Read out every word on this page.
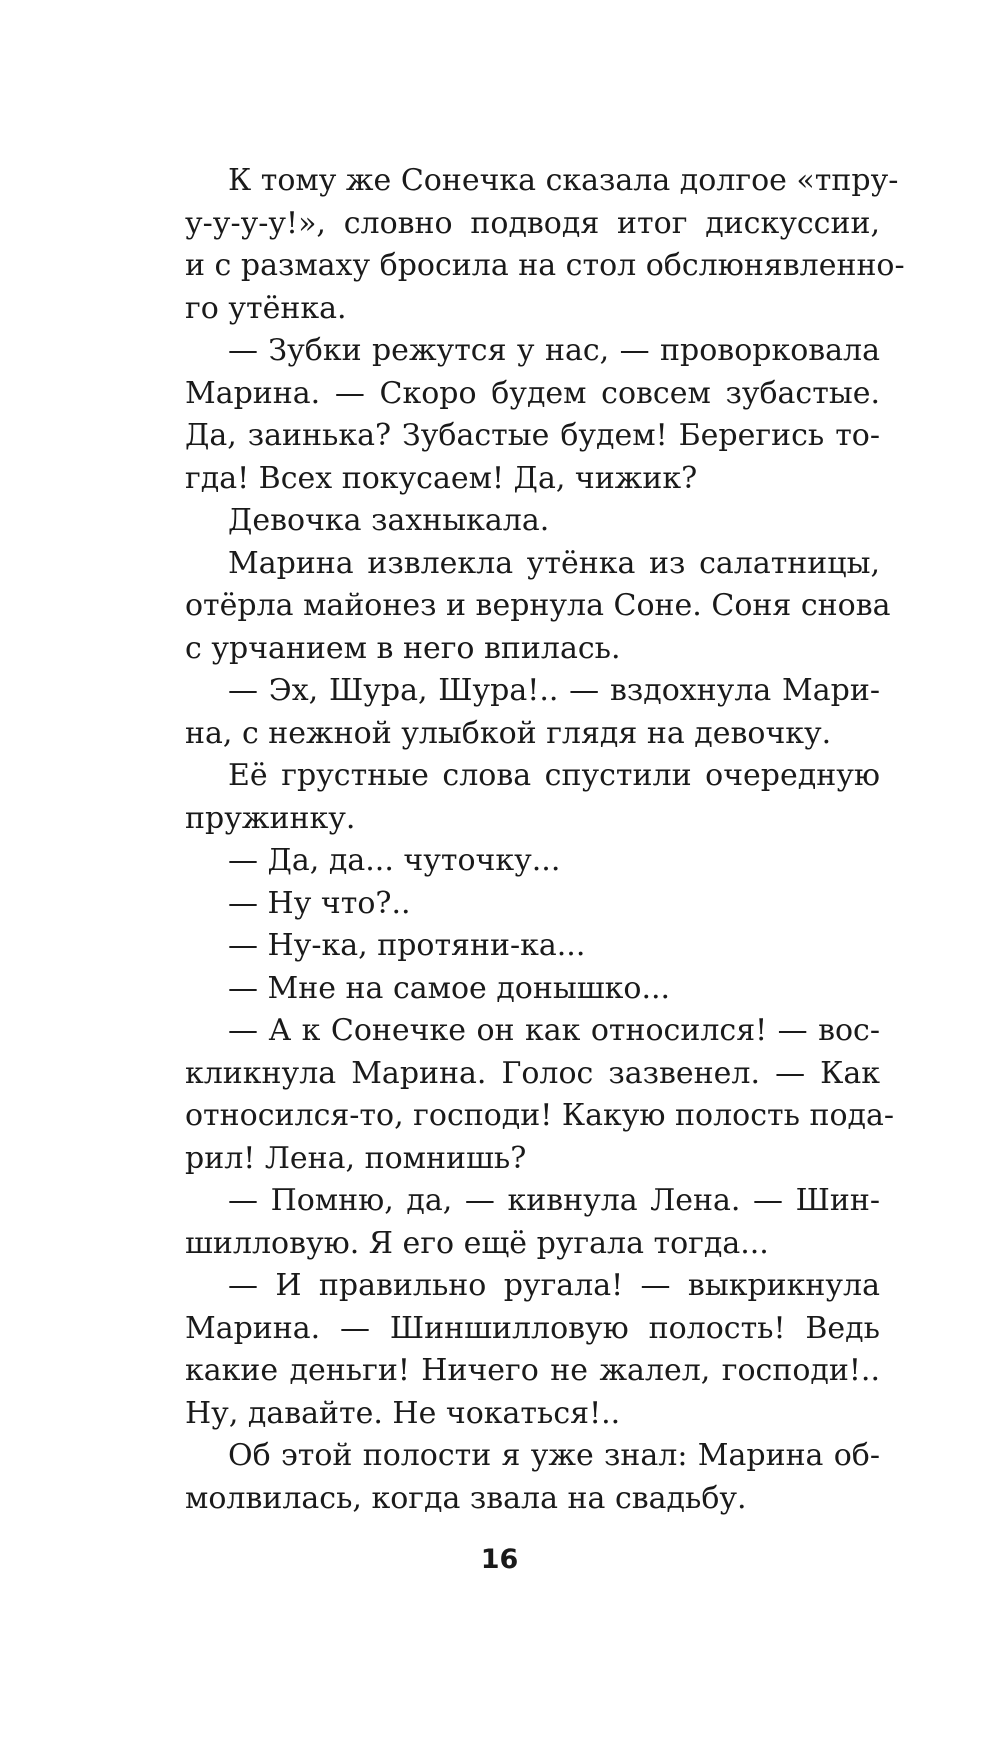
К тому же Сонечка сказала долгое «тпру-
у-у-у-у!», словно подводя итог дискуссии,
и с размаху бросила на стол обслюнявленно-
го утёнка.
— Зубки режутся у нас, — проворковала
Марина. — Скоро будем совсем зубастые.
Да, заинька? Зубастые будем! Берегись то-
гда! Всех покусаем! Да, чижик?
Девочка захныкала.
Марина извлекла утёнка из салатницы,
отёрла майонез и вернула Соне. Соня снова
с урчанием в него впилась.
— Эх, Шура, Шура!.. — вздохнула Мари-
на, с нежной улыбкой глядя на девочку.
Её грустные слова спустили очередную
пружинку.
— Да, да... чуточку...
— Ну что?..
— Ну-ка, протяни-ка...
— Мне на самое донышко...
— А к Сонечке он как относился! — вос-
кликнула Марина. Голос зазвенел. — Как
относился-то, господи! Какую полость пода-
рил! Лена, помнишь?
— Помню, да, — кивнула Лена. — Шин-
шилловую. Я его ещё ругала тогда...
— И правильно ругала! — выкрикнула
Марина. — Шиншилловую полость! Ведь
какие деньги! Ничего не жалел, господи!..
Ну, давайте. Не чокаться!..
Об этой полости я уже знал: Марина об-
молвилась, когда звала на свадьбу.
16
